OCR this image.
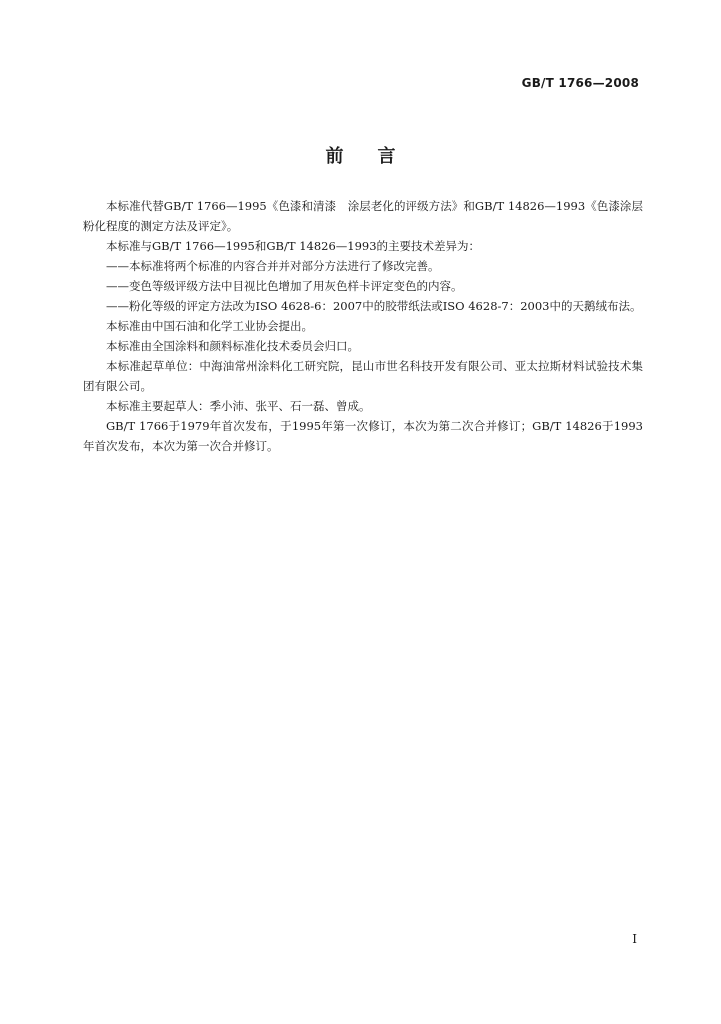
GB/T 1766—2008
前言

本标准代替GB/T 1766—1995《色漆和清漆　涂层老化的评级方法》和GB/T 14826—1993《色漆涂层粉化程度的测定方法及评定》。

本标准与GB/T 1766—1995和GB/T 14826—1993的主要技术差异为：

——本标准将两个标准的内容合并并对部分方法进行了修改完善。

——变色等级评级方法中目视比色增加了用灰色样卡评定变色的内容。

——粉化等级的评定方法改为ISO 4628-6：2007中的胶带纸法或ISO 4628-7：2003中的天鹅绒布法。

本标准由中国石油和化学工业协会提出。

本标准由全国涂料和颜料标准化技术委员会归口。

本标准起草单位：中海油常州涂料化工研究院，昆山市世名科技开发有限公司、亚太拉斯材料试验技术集团有限公司。

本标准主要起草人：季小沛、张平、石一磊、曾成。

GB/T 1766于1979年首次发布，于1995年第一次修订，本次为第二次合并修订；GB/T 14826于1993年首次发布，本次为第一次合并修订。

I
